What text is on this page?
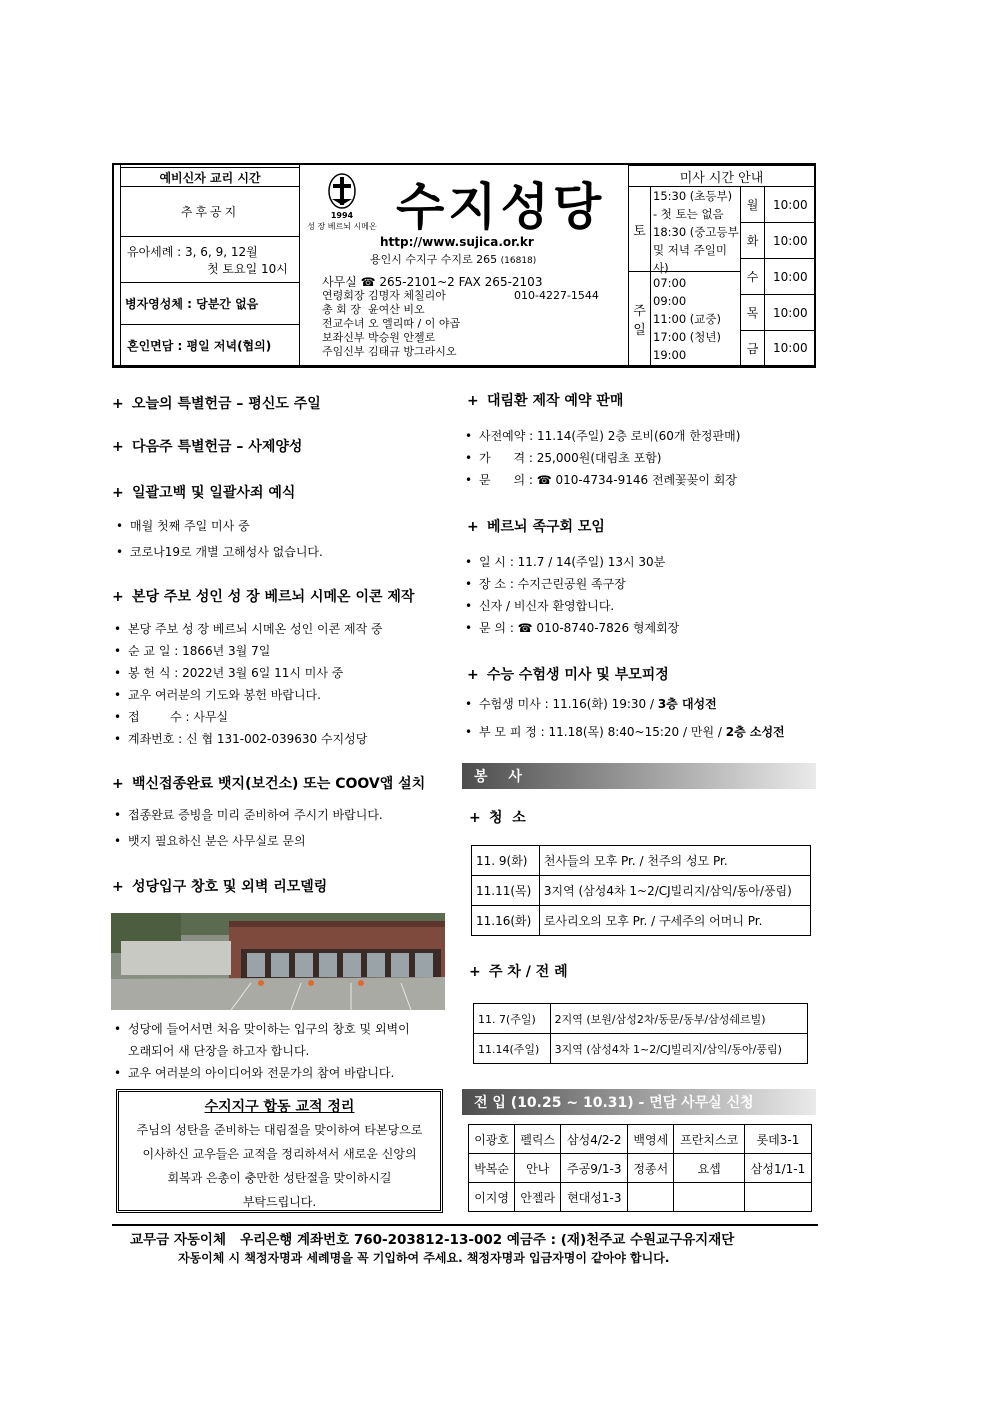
예비신자 교리 시간
추후공지
유아세례 : 3, 6, 9, 12월
첫 토요일 10시
병자영성체 : 당분간 없음
혼인면담 : 평일 저녁(협의)
1994
성 장 베르뇌 시메온 수지성당
http://www.sujica.or.kr
용인시 수지구 수지로 265 (16818)
사무실 ☎ 265-2101~2 FAX 265-2103
연령회장 김명자 체칠리아	010-4227-1544
총 회 장 윤여산 비오
전교수녀 오 엘리따 / 이 야곱
보좌신부 박승원 안젤로
주임신부 김태규 방그라시오
미사 시간 안내
토
15:30 (초등부)
- 첫 토는 없음
18:30 (중고등부
및 저녁 주일미사)
주
일
07:00
09:00
11:00 (교중)
17:00 (청년)
19:00
월	10:00
화	10:00
수	10:00
목	10:00
금	10:00
+ 오늘의 특별헌금 – 평신도 주일
+ 다음주 특별헌금 – 사제양성
+ 일괄고백 및 일괄사죄 예식
• 매월 첫째 주일 미사 중
• 코로나19로 개별 고해성사 없습니다.
+ 본당 주보 성인 성 장 베르뇌 시메온 이콘 제작
• 본당 주보 성 장 베르뇌 시메온 성인 이콘 제작 중
• 순 교 일 : 1866년 3월 7일
• 봉 헌 식 : 2022년 3월 6일 11시 미사 중
• 교우 여러분의 기도와 봉헌 바랍니다.
• 접        수 : 사무실
• 계좌번호 : 신 협 131-002-039630 수지성당
+ 백신접종완료 뱃지(보건소) 또는 COOV앱 설치
• 접종완료 증빙을 미리 준비하여 주시기 바랍니다.
• 뱃지 필요하신 분은 사무실로 문의
+ 성당입구 창호 및 외벽 리모델링
• 성당에 들어서면 처음 맞이하는 입구의 창호 및 외벽이
오래되어 새 단장을 하고자 합니다.
• 교우 여러분의 아이디어와 전문가의 참여 바랍니다.
수지지구 합동 교적 정리
주님의 성탄을 준비하는 대림절을 맞이하여 타본당으로
이사하신 교우들은 교적을 정리하셔서 새로운 신앙의
회복과 은총이 충만한 성탄절을 맞이하시길
부탁드립니다.
+ 대림환 제작 예약 판매
• 사전예약 : 11.14(주일) 2층 로비(60개 한정판매)
• 가      격 : 25,000원(대림초 포함)
• 문      의 : ☎ 010-4734-9146 전례꽃꽂이 회장
+ 베르뇌 족구회 모임
• 일 시 : 11.7 / 14(주일) 13시 30분
• 장 소 : 수지근린공원 족구장
• 신자 / 비신자 환영합니다.
• 문 의 : ☎ 010-8740-7826 형제회장
+ 수능 수험생 미사 및 부모피정
• 수험생 미사 : 11.16(화) 19:30 / 3층 대성전
• 부 모 피 정 : 11.18(목) 8:40~15:20 / 만원 / 2층 소성전
봉 사
+ 청  소
11. 9(화)	천사들의 모후 Pr. / 천주의 성모 Pr.
11.11(목)	3지역 (삼성4차 1~2/CJ빌리지/삼익/동아/풍림)
11.16(화)	로사리오의 모후 Pr. / 구세주의 어머니 Pr.
+ 주 차 / 전 례
11. 7(주일)	2지역 (보원/삼성2차/동문/동부/삼성쉐르빌)
11.14(주일)	3지역 (삼성4차 1~2/CJ빌리지/삼익/동아/풍림)
전 입 (10.25 ~ 10.31) - 면담 사무실 신청
이광호	펠릭스	삼성4/2-2	백영세	프란치스코	롯데3-1
박복순	안나	주공9/1-3	정종서	요셉	삼성1/1-1
이지영	안젤라	현대성1-3			
교무금 자동이체   우리은행 계좌번호 760-203812-13-002 예금주 : (재)천주교 수원교구유지재단
자동이체 시 책정자명과 세례명을 꼭 기입하여 주세요. 책정자명과 입금자명이 같아야 합니다.
